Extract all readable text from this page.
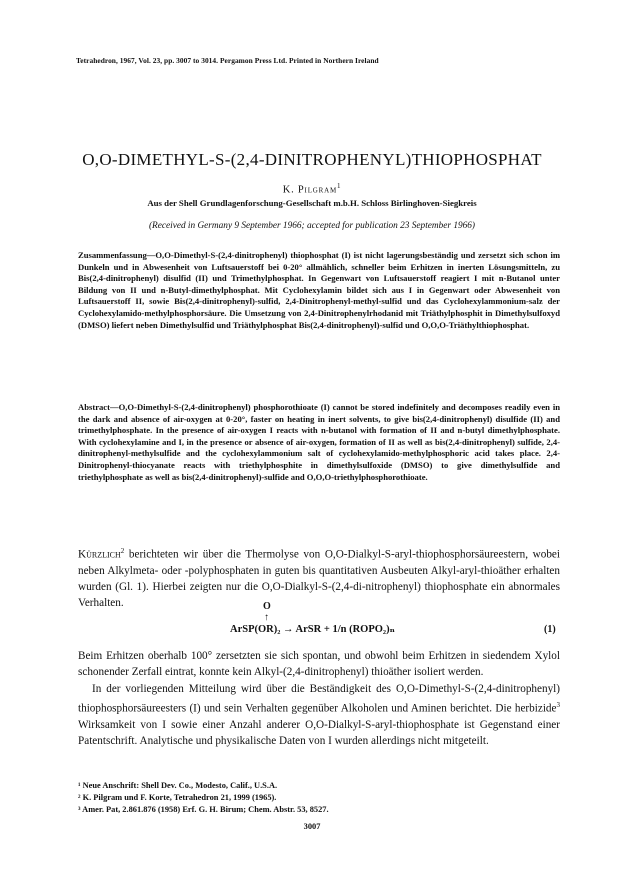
Tetrahedron, 1967, Vol. 23, pp. 3007 to 3014. Pergamon Press Ltd. Printed in Northern Ireland
O,O-DIMETHYL-S-(2,4-DINITROPHENYL)THIOPHOSPHAT
K. Pilgram$^1$
Aus der Shell Grundlagenforschung-Gesellschaft m.b.H. Schloss Birlinghoven-Siegkreis
(Received in Germany 9 September 1966; accepted for publication 23 September 1966)
Zusammenfassung—O,O-Dimethyl-S-(2,4-dinitrophenyl) thiophosphat (I) ist nicht lagerungsbeständig und zersetzt sich schon im Dunkeln und in Abwesenheit von Luftsauerstoff bei 0-20° allmählich, schneller beim Erhitzen in inerten Lösungsmitteln, zu Bis(2,4-dinitrophenyl) disulfid (II) und Trimethylphosphat. In Gegenwart von Luftsauerstoff reagiert I mit n-Butanol unter Bildung von II und n-Butyl-dimethylphosphat. Mit Cyclohexylamin bildet sich aus I in Gegenwart oder Abwesenheit von Luftsauerstoff II, sowie Bis(2,4-dinitrophenyl)-sulfid, 2,4-Dinitrophenyl-methyl-sulfid und das Cyclohexylammonium-salz der Cyclohexylamido-methylphosphorsäure. Die Umsetzung von 2,4-Dinitrophenylrhodanid mit Triäthylphosphit in Dimethylsulfoxyd (DMSO) liefert neben Dimethylsulfid und Triäthylphosphat Bis(2,4-dinitrophenyl)-sulfid und O,O,O-Triäthylthiophosphat.
Abstract—O,O-Dimethyl-S-(2,4-dinitrophenyl) phosphorothioate (I) cannot be stored indefinitely and decomposes readily even in the dark and absence of air-oxygen at 0-20°, faster on heating in inert solvents, to give bis(2,4-dinitrophenyl) disulfide (II) and trimethylphosphate. In the presence of air-oxygen I reacts with n-butanol with formation of II and n-butyl dimethylphosphate. With cyclohexylamine and I, in the presence or absence of air-oxygen, formation of II as well as bis(2,4-dinitrophenyl) sulfide, 2,4-dinitrophenyl-methylsulfide and the cyclohexylammonium salt of cyclohexylamido-methylphosphoric acid takes place. 2,4-Dinitrophenyl-thiocyanate reacts with triethylphosphite in dimethylsulfoxide (DMSO) to give dimethylsulfide and triethylphosphate as well as bis(2,4-dinitrophenyl)-sulfide and O,O,O-triethylphosphorothioate.
Kürzlich$^2$ berichteten wir über die Thermolyse von O,O-Dialkyl-S-aryl-thiophosphorsäureestern, wobei neben Alkylmeta- oder -polyphosphaten in guten bis quantitativen Ausbeuten Alkyl-aryl-thioäther erhalten wurden (Gl. 1). Hierbei zeigten nur die O,O-Dialkyl-S-(2,4-di-nitrophenyl) thiophosphate ein abnormales Verhalten.	O
↑
ArSP(OR)₂ → ArSR + 1/n (ROPO₂)ₙ	(1)
Beim Erhitzen oberhalb 100° zersetzten sie sich spontan, und obwohl beim Erhitzen in siedendem Xylol schonender Zerfall eintrat, konnte kein Alkyl-(2,4-dinitrophenyl) thioäther isoliert werden.
In der vorliegenden Mitteilung wird über die Beständigkeit des O,O-Dimethyl-S-(2,4-dinitrophenyl) thiophosphorsäureesters (I) und sein Verhalten gegenüber Alkoholen und Aminen berichtet. Die herbizide$^3$ Wirksamkeit von I sowie einer Anzahl anderer O,O-Dialkyl-S-aryl-thiophosphate ist Gegenstand einer Patentschrift. Analytische und physikalische Daten von I wurden allerdings nicht mitgeteilt.
¹ Neue Anschrift: Shell Dev. Co., Modesto, Calif., U.S.A.
² K. Pilgram und F. Korte, Tetrahedron 21, 1999 (1965).
³ Amer. Pat, 2.861.876 (1958) Erf. G. H. Birum; Chem. Abstr. 53, 8527.
3007
